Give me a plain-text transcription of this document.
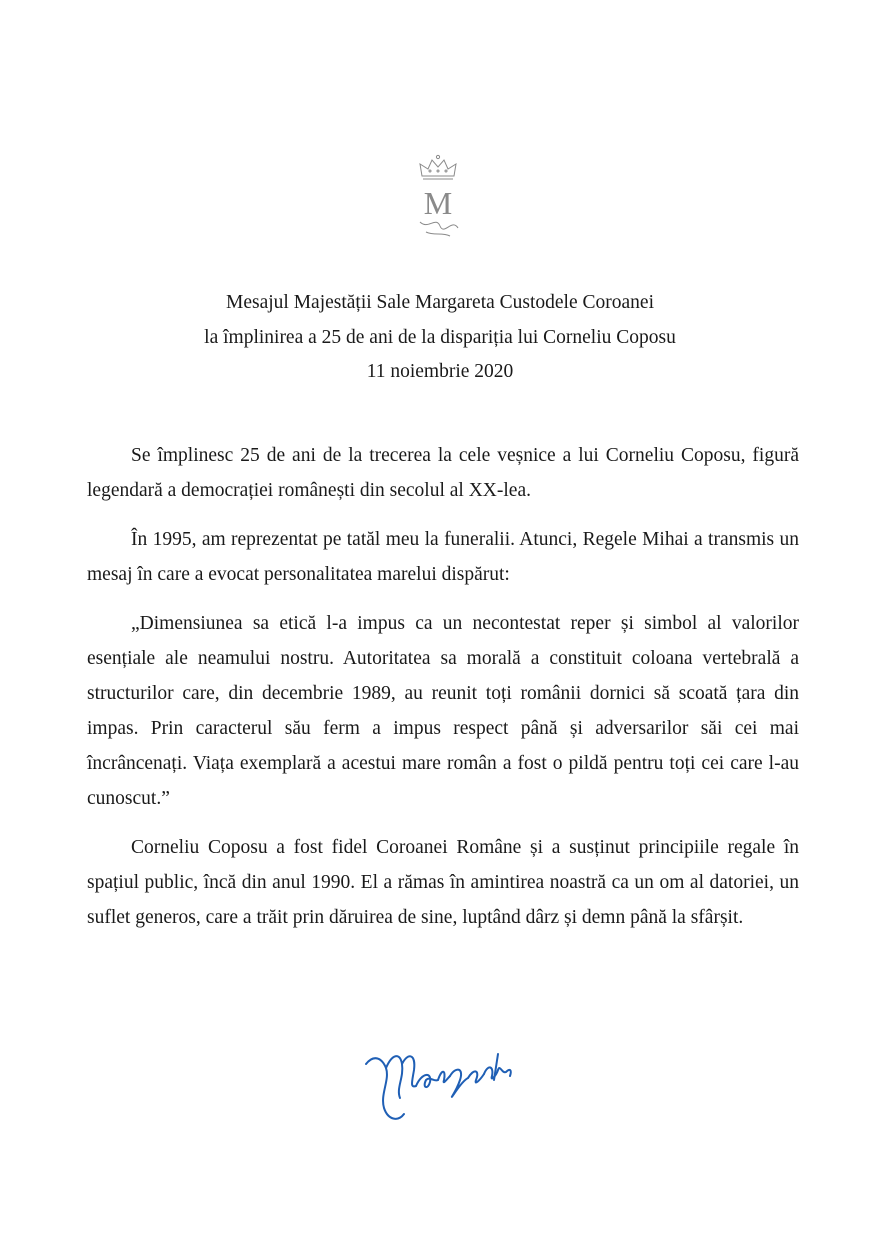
M
Mesajul Majestății Sale Margareta Custodele Coroanei
la împlinirea a 25 de ani de la dispariția lui Corneliu Coposu
11 noiembrie 2020

Se împlinesc 25 de ani de la trecerea la cele veșnice a lui Corneliu Coposu, figură legendară a democrației românești din secolul al XX-lea.

În 1995, am reprezentat pe tatăl meu la funeralii. Atunci, Regele Mihai a transmis un mesaj în care a evocat personalitatea marelui dispărut:

„Dimensiunea sa etică l-a impus ca un necontestat reper și simbol al valorilor esențiale ale neamului nostru. Autoritatea sa morală a constituit coloana vertebrală a structurilor care, din decembrie 1989, au reunit toți românii dornici să scoată țara din impas. Prin caracterul său ferm a impus respect până și adversarilor săi cei mai încrâncenați. Viața exemplară a acestui mare român a fost o pildă pentru toți cei care l-au cunoscut.”

Corneliu Coposu a fost fidel Coroanei Române și a susținut principiile regale în spațiul public, încă din anul 1990. El a rămas în amintirea noastră ca un om al datoriei, un suflet generos, care a trăit prin dăruirea de sine, luptând dârz și demn până la sfârșit.
